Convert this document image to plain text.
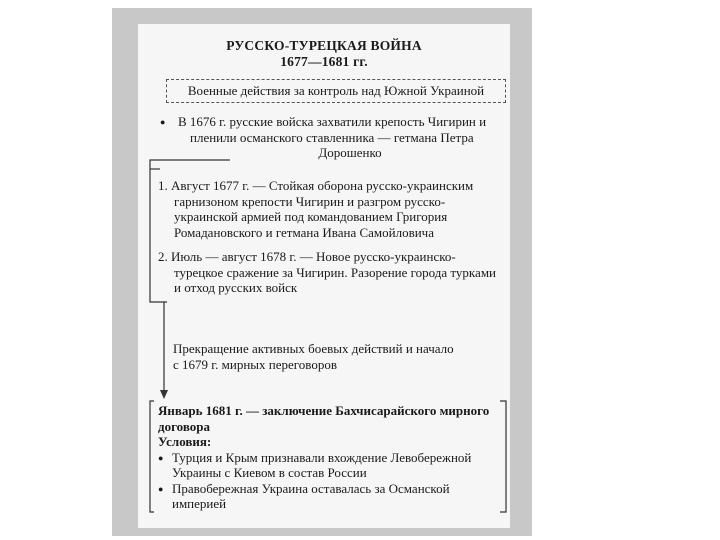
РУССКО-ТУРЕЦКАЯ ВОЙНА
1677—1681 гг.
Военные действия за контроль над Южной Украиной
● В 1676 г. русские войска захватили крепость Чигирин и
пленили османского ставленника — гетмана Петра
Дорошенко
1. Август 1677 г. — Стойкая оборона русско-украинским
гарнизоном крепости Чигирин и разгром русско-
украинской армией под командованием Григория
Ромадановского и гетмана Ивана Самойловича
2. Июль — август 1678 г. — Новое русско-украинско-
турецкое сражение за Чигирин. Разорение города турками
и отход русских войск
Прекращение активных боевых действий и начало
с 1679 г. мирных переговоров
Январь 1681 г. — заключение Бахчисарайского мирного
договора
Условия:
● Турция и Крым признавали вхождение Левобережной
Украины с Киевом в состав России
● Правобережная Украина оставалась за Османской
империей
